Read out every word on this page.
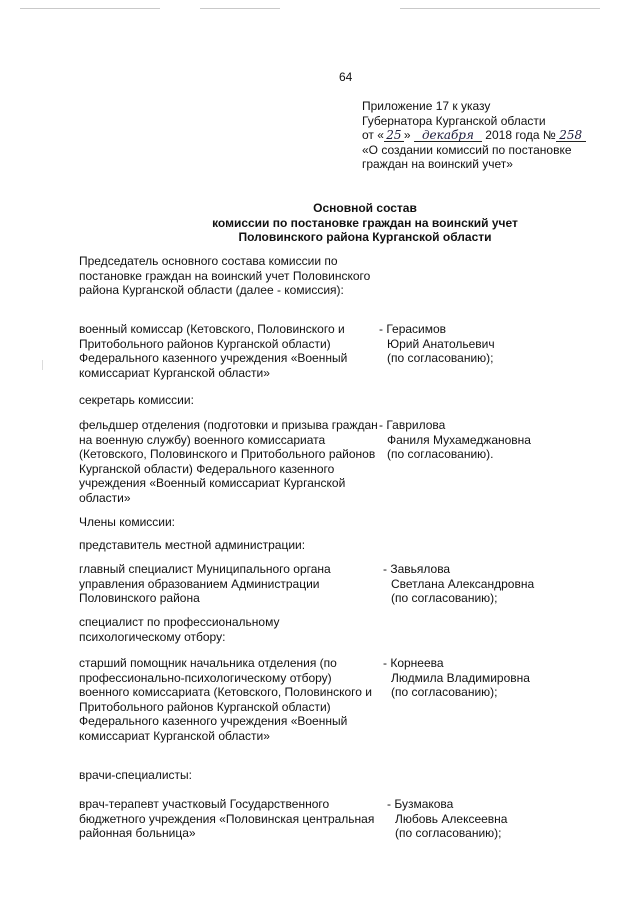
64
Приложение 17 к указу
Губернатора Курганской области
от « 25 » декабря 2018 года № 258
«О создании комиссий по постановке
граждан на воинский учет»
Основной состав
комиссии по постановке граждан на воинский учет
Половинского района Курганской области
Председатель основного состава комиссии по постановке граждан на воинский учет Половинского района Курганской области (далее - комиссия):
военный комиссар (Кетовского, Половинского и Притобольного районов Курганской области) Федерального казенного учреждения «Военный комиссариат Курганской области»
- Герасимов
Юрий Анатольевич
(по согласованию);
секретарь комиссии:
фельдшер отделения (подготовки и призыва граждан на военную службу) военного комиссариата (Кетовского, Половинского и Притобольного районов Курганской области) Федерального казенного учреждения «Военный комиссариат Курганской области»
- Гаврилова
Фаниля Мухамеджановна
(по согласованию).
Члены комиссии:
представитель местной администрации:
главный специалист Муниципального органа управления образованием Администрации Половинского района
- Завьялова
Светлана Александровна
(по согласованию);
специалист по профессиональному психологическому отбору:
старший помощник начальника отделения (по профессионально-психологическому отбору) военного комиссариата (Кетовского, Половинского и Притобольного районов Курганской области) Федерального казенного учреждения «Военный комиссариат Курганской области»
- Корнеева
Людмила Владимировна
(по согласованию);
врачи-специалисты:
врач-терапевт участковый Государственного бюджетного учреждения «Половинская центральная районная больница»
- Бузмакова
Любовь Алексеевна
(по согласованию);
